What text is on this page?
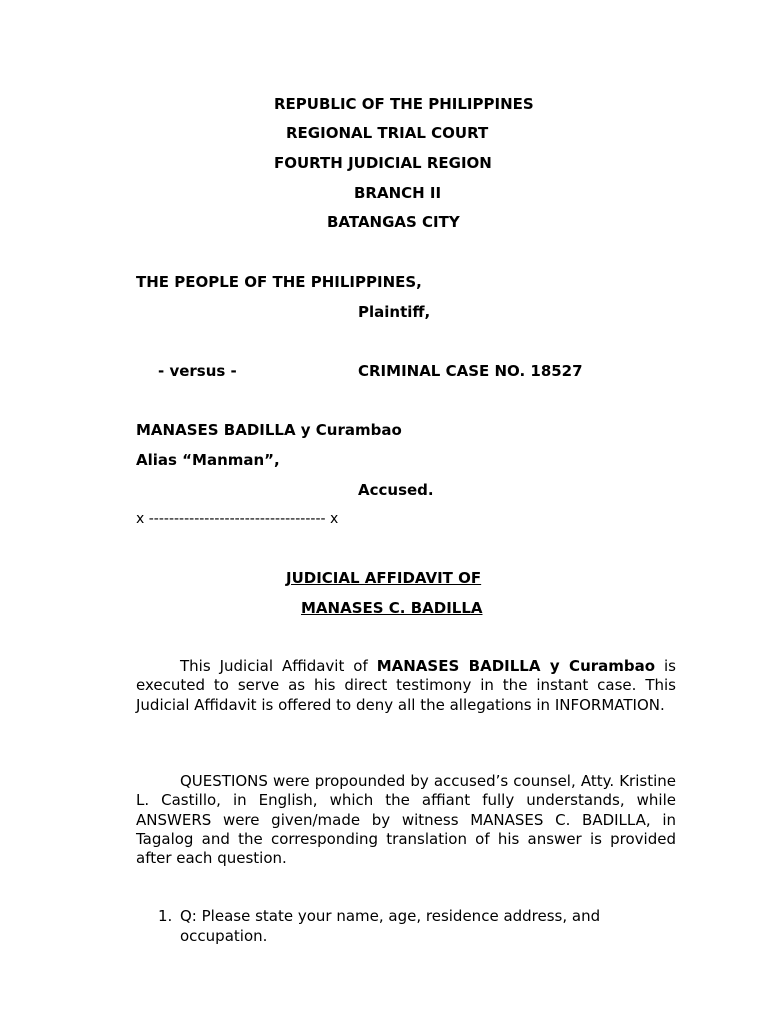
REPUBLIC OF THE PHILIPPINES
REGIONAL TRIAL COURT
FOURTH JUDICIAL REGION
BRANCH II
BATANGAS CITY
THE PEOPLE OF THE PHILIPPINES,
Plaintiff,
- versus -	CRIMINAL CASE NO. 18527
MANASES BADILLA y Curambao
Alias “Manman”,
Accused.
x ----------------------------------- x
JUDICIAL AFFIDAVIT OF
MANASES C. BADILLA

This Judicial Affidavit of MANASES BADILLA y Curambao is executed to serve as his direct testimony in the instant case. This Judicial Affidavit is offered to deny all the allegations in INFORMATION.

QUESTIONS were propounded by accused’s counsel, Atty. Kristine L. Castillo, in English, which the affiant fully understands, while ANSWERS were given/made by witness MANASES C. BADILLA, in Tagalog and the corresponding translation of his answer is provided after each question.

1. Q: Please state your name, age, residence address, and occupation.
